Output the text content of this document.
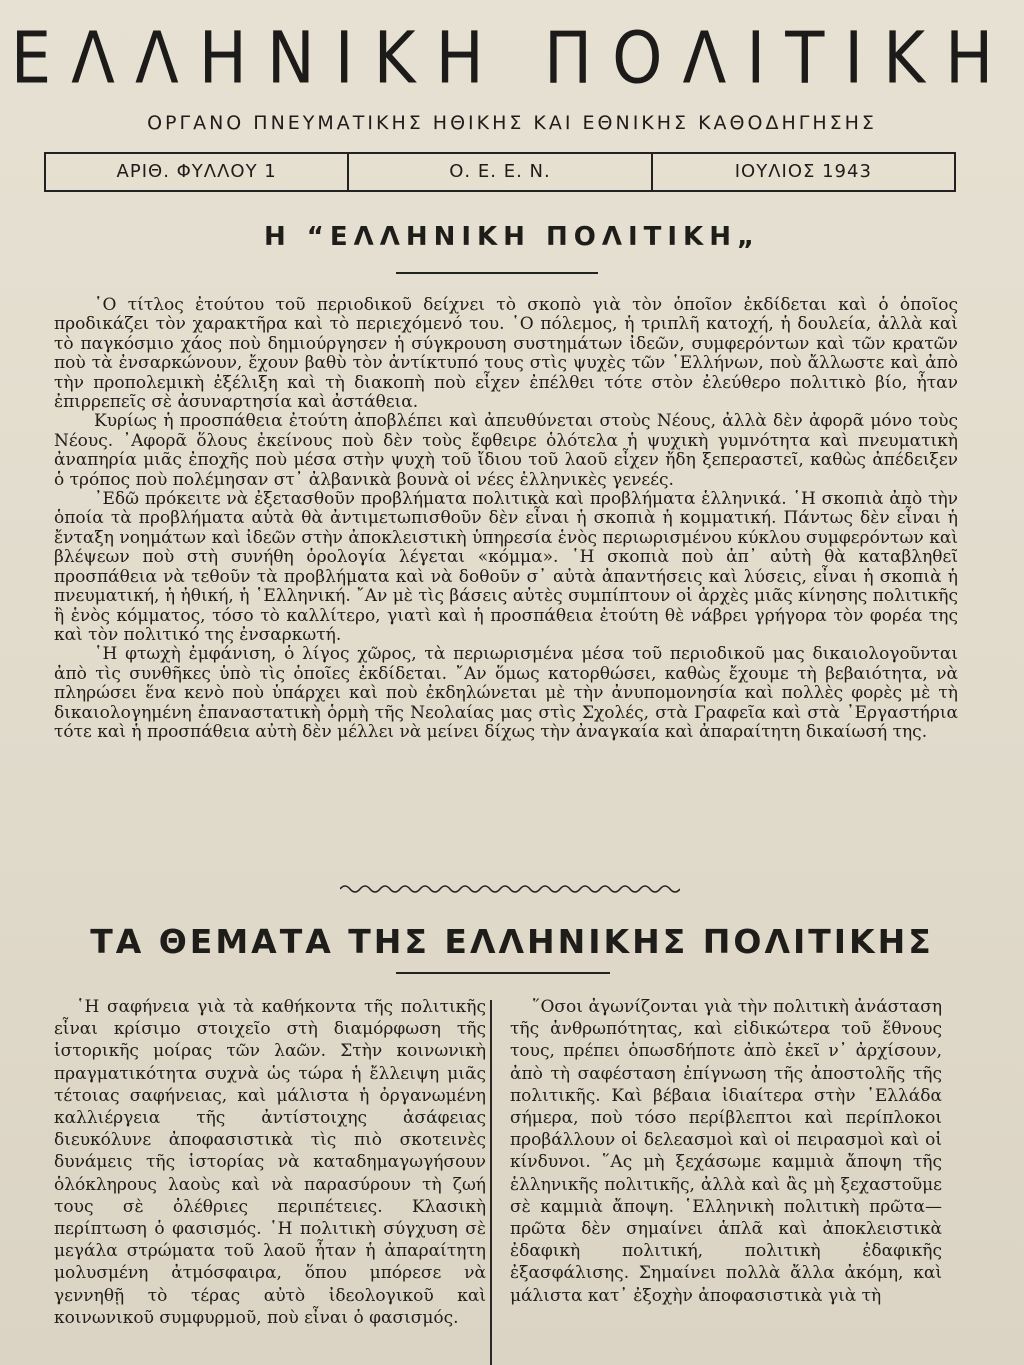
ΕΛΛΗΝΙΚΗ ΠΟΛΙΤΙΚΗ
ΟΡΓΑΝΟ ΠΝΕΥΜΑΤΙΚΗΣ ΗΘΙΚΗΣ ΚΑΙ ΕΘΝΙΚΗΣ ΚΑΘΟΔΗΓΗΣΗΣ
ΑΡΙΘ. ΦΥΛΛΟΥ 1	Ο. Ε. Ε. Ν.	ΙΟΥΛΙΟΣ 1943
Η “ΕΛΛΗΝΙΚΗ ΠΟΛΙΤΙΚΗ„

῾Ο τίτλος ἐτούτου τοῦ περιοδικοῦ δείχνει τὸ σκοπὸ γιὰ τὸν ὁποῖον ἐκδίδεται καὶ ὁ ὁποῖος προδικάζει τὸν χαρακτῆρα καὶ τὸ περιεχόμενό του. ῾Ο πόλεμος, ἡ τριπλῆ κατοχή, ἡ δουλεία, ἀλλὰ καὶ τὸ παγκόσμιο χάος ποὺ δημιούργησεν ἡ σύγκρουση συστημάτων ἰδεῶν, συμφερόντων καὶ τῶν κρατῶν ποὺ τὰ ἐνσαρκώνουν, ἔχουν βαθὺ τὸν ἀντίκτυπό τους στὶς ψυχὲς τῶν ῾Ελλήνων, ποὺ ἄλλωστε καὶ ἀπὸ τὴν προπολεμικὴ ἐξέλιξη καὶ τὴ διακοπὴ ποὺ εἶχεν ἐπέλθει τότε στὸν ἐλεύθερο πολιτικὸ βίο, ἦταν ἐπιρρεπεῖς σὲ ἀσυναρτησία καὶ ἀστάθεια.

Κυρίως ἡ προσπάθεια ἐτούτη ἀποβλέπει καὶ ἀπευθύνεται στοὺς Νέους, ἀλλὰ δὲν ἀφορᾶ μόνο τοὺς Νέους. ᾿Αφορᾶ ὅλους ἐκείνους ποὺ δὲν τοὺς ἔφθειρε ὁλότελα ἡ ψυχικὴ γυμνότητα καὶ πνευματικὴ ἀναπηρία μιᾶς ἐποχῆς ποὺ μέσα στὴν ψυχὴ τοῦ ἴδιου τοῦ λαοῦ εἶχεν ἤδη ξεπεραστεῖ, καθὼς ἀπέδειξεν ὁ τρόπος ποὺ πολέμησαν στ᾿ ἀλβανικὰ βουνὰ οἱ νέες ἑλληνικὲς γενεές.

᾿Εδῶ πρόκειτε νὰ ἐξετασθοῦν προβλήματα πολιτικὰ καὶ προβλήματα ἑλληνικά. ῾Η σκοπιὰ ἀπὸ τὴν ὁποία τὰ προβλήματα αὐτὰ θὰ ἀντιμετωπισθοῦν δὲν εἶναι ἡ σκοπιὰ ἡ κομματική. Πάντως δὲν εἶναι ἡ ἔνταξη νοημάτων καὶ ἰδεῶν στὴν ἀποκλειστικὴ ὑπηρεσία ἑνὸς περιωρισμένου κύκλου συμφερόντων καὶ βλέψεων ποὺ στὴ συνήθη ὁρολογία λέγεται «κόμμα». ῾Η σκοπιὰ ποὺ ἀπ᾿ αὐτὴ θὰ καταβληθεῖ προσπάθεια νὰ τεθοῦν τὰ προβλήματα καὶ νὰ δοθοῦν σ᾿ αὐτὰ ἀπαντήσεις καὶ λύσεις, εἶναι ἡ σκοπιὰ ἡ πνευματική, ἡ ἠθική, ἡ ῾Ελληνική. ῎Αν μὲ τὶς βάσεις αὐτὲς συμπίπτουν οἱ ἀρχὲς μιᾶς κίνησης πολιτικῆς ἢ ἑνὸς κόμματος, τόσο τὸ καλλίτερο, γιατὶ καὶ ἡ προσπάθεια ἐτούτη θὲ νάβρει γρήγορα τὸν φορέα της καὶ τὸν πολιτικό της ἐνσαρκωτή.

῾Η φτωχὴ ἐμφάνιση, ὁ λίγος χῶρος, τὰ περιωρισμένα μέσα τοῦ περιοδικοῦ μας δικαιολογοῦνται ἀπὸ τὶς συνθῆκες ὑπὸ τὶς ὁποῖες ἐκδίδεται. ῎Αν ὅμως κατορθώσει, καθὼς ἔχουμε τὴ βεβαιότητα, νὰ πληρώσει ἕνα κενὸ ποὺ ὑπάρχει καὶ ποὺ ἐκδηλώνεται μὲ τὴν ἀνυπομονησία καὶ πολλὲς φορὲς μὲ τὴ δικαιολογημένη ἐπαναστατικὴ ὁρμὴ τῆς Νεολαίας μας στὶς Σχολές, στὰ Γραφεῖα καὶ στὰ ᾿Εργαστήρια τότε καὶ ἡ προσπάθεια αὐτὴ δὲν μέλλει νὰ μείνει δίχως τὴν ἀναγκαία καὶ ἀπαραίτητη δικαίωσή της.

ΤΑ ΘΕΜΑΤΑ ΤΗΣ ΕΛΛΗΝΙΚΗΣ ΠΟΛΙΤΙΚΗΣ

῾Η σαφήνεια γιὰ τὰ καθήκοντα τῆς πολιτικῆς εἶναι κρίσιμο στοιχεῖο στὴ διαμόρφωση τῆς ἱστορικῆς μοίρας τῶν λαῶν. Στὴν κοινωνικὴ πραγματικότητα συχνὰ ὡς τώρα ἡ ἔλλειψη μιᾶς τέτοιας σαφήνειας, καὶ μάλιστα ἡ ὀργανωμένη καλλιέργεια τῆς ἀντίστοιχης ἀσάφειας διευκόλυνε ἀποφασιστικὰ τὶς πιὸ σκοτεινὲς δυνάμεις τῆς ἱστορίας νὰ καταδημαγωγήσουν ὁλόκληρους λαοὺς καὶ νὰ παρασύρουν τὴ ζωή τους σὲ ὀλέθριες περιπέτειες. Κλασικὴ περίπτωση ὁ φασισμός. ῾Η πολιτικὴ σύγχυση σὲ μεγάλα στρώματα τοῦ λαοῦ ἦταν ἡ ἀπαραίτητη μολυσμένη ἀτμόσφαιρα, ὅπου μπόρεσε νὰ γεννηθῇ τὸ τέρας αὐτὸ ἰδεολογικοῦ καὶ κοινωνικοῦ συμφυρμοῦ, ποὺ εἶναι ὁ φασισμός.

῞Οσοι ἀγωνίζονται γιὰ τὴν πολιτικὴ ἀνάσταση τῆς ἀνθρωπότητας, καὶ εἰδικώτερα τοῦ ἔθνους τους, πρέπει ὁπωσδήποτε ἀπὸ ἐκεῖ ν᾿ ἀρχίσουν, ἀπὸ τὴ σαφέσταση ἐπίγνωση τῆς ἀποστολῆς τῆς πολιτικῆς. Καὶ βέβαια ἰδιαίτερα στὴν ῾Ελλάδα σήμερα, ποὺ τόσο περίβλεπτοι καὶ περίπλοκοι προβάλλουν οἱ δελεασμοὶ καὶ οἱ πειρασμοὶ καὶ οἱ κίνδυνοι. ῞Ας μὴ ξεχάσωμε καμμιὰ ἄποψη τῆς ἑλληνικῆς πολιτικῆς, ἀλλὰ καὶ ἂς μὴ ξεχαστοῦμε σὲ καμμιὰ ἄποψη. ῾Ελληνικὴ πολιτικὴ πρῶτα—πρῶτα δὲν σημαίνει ἁπλᾶ καὶ ἀποκλειστικὰ ἐδαφικὴ πολιτική, πολιτικὴ ἐδαφικῆς ἐξασφάλισης. Σημαίνει πολλὰ ἄλλα ἀκόμη, καὶ μάλιστα κατ᾿ ἐξοχὴν ἀποφασιστικὰ γιὰ τὴ
